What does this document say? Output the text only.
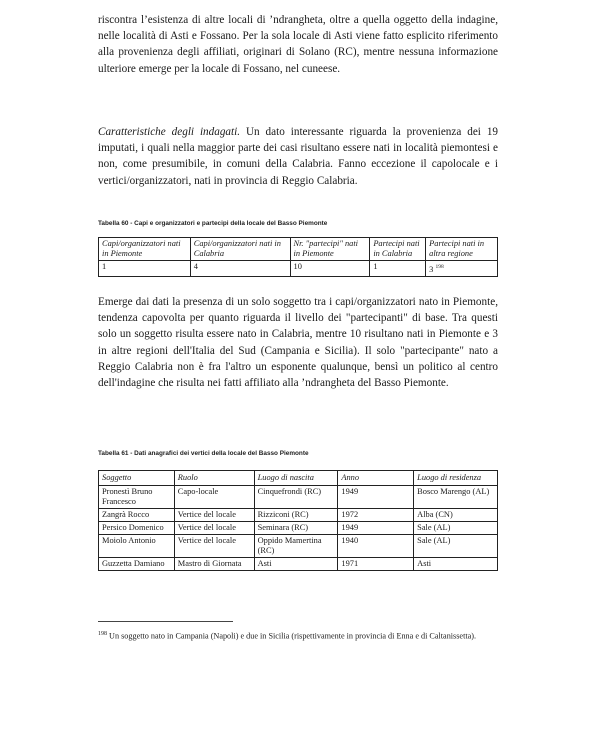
riscontra l’esistenza di altre locali di ’ndrangheta, oltre a quella oggetto della indagine, nelle località di Asti e Fossano. Per la sola locale di Asti viene fatto esplicito riferimento alla provenienza degli affiliati, originari di Solano (RC), mentre nessuna informazione ulteriore emerge per la locale di Fossano, nel cuneese.

Caratteristiche degli indagati. Un dato interessante riguarda la provenienza dei 19 imputati, i quali nella maggior parte dei casi risultano essere nati in località piemontesi e non, come presumibile, in comuni della Calabria. Fanno eccezione il capolocale e i vertici/organizzatori, nati in provincia di Reggio Calabria.

Tabella 60 - Capi e organizzatori e partecipi della locale del Basso Piemonte
Capi/organizzatori nati in Piemonte	Capi/organizzatori nati in Calabria	Nr. "partecipi" nati in Piemonte	Partecipi nati in Calabria	Partecipi nati in altra regione
1	4	10	1	3 $^{198}$

Emerge dai dati la presenza di un solo soggetto tra i capi/organizzatori nato in Piemonte, tendenza capovolta per quanto riguarda il livello dei "partecipanti" di base. Tra questi solo un soggetto risulta essere nato in Calabria, mentre 10 risultano nati in Piemonte e 3 in altre regioni dell'Italia del Sud (Campania e Sicilia). Il solo "partecipante" nato a Reggio Calabria non è fra l'altro un esponente qualunque, bensì un politico al centro dell'indagine che risulta nei fatti affiliato alla ’ndrangheta del Basso Piemonte.

Tabella 61 - Dati anagrafici dei vertici della locale del Basso Piemonte
Soggetto	Ruolo	Luogo di nascita	Anno	Luogo di residenza
Pronestì Bruno Francesco	Capo-locale	Cinquefrondi (RC)	1949	Bosco Marengo (AL)
Zangrà Rocco	Vertice del locale	Rizziconi (RC)	1972	Alba (CN)
Persico Domenico	Vertice del locale	Seminara (RC)	1949	Sale (AL)
Moiolo Antonio	Vertice del locale	Oppido Mamertina (RC)	1940	Sale (AL)
Guzzetta Damiano	Mastro di Giornata	Asti	1971	Asti
$^{198}$ Un soggetto nato in Campania (Napoli) e due in Sicilia (rispettivamente in provincia di Enna e di Caltanissetta).
